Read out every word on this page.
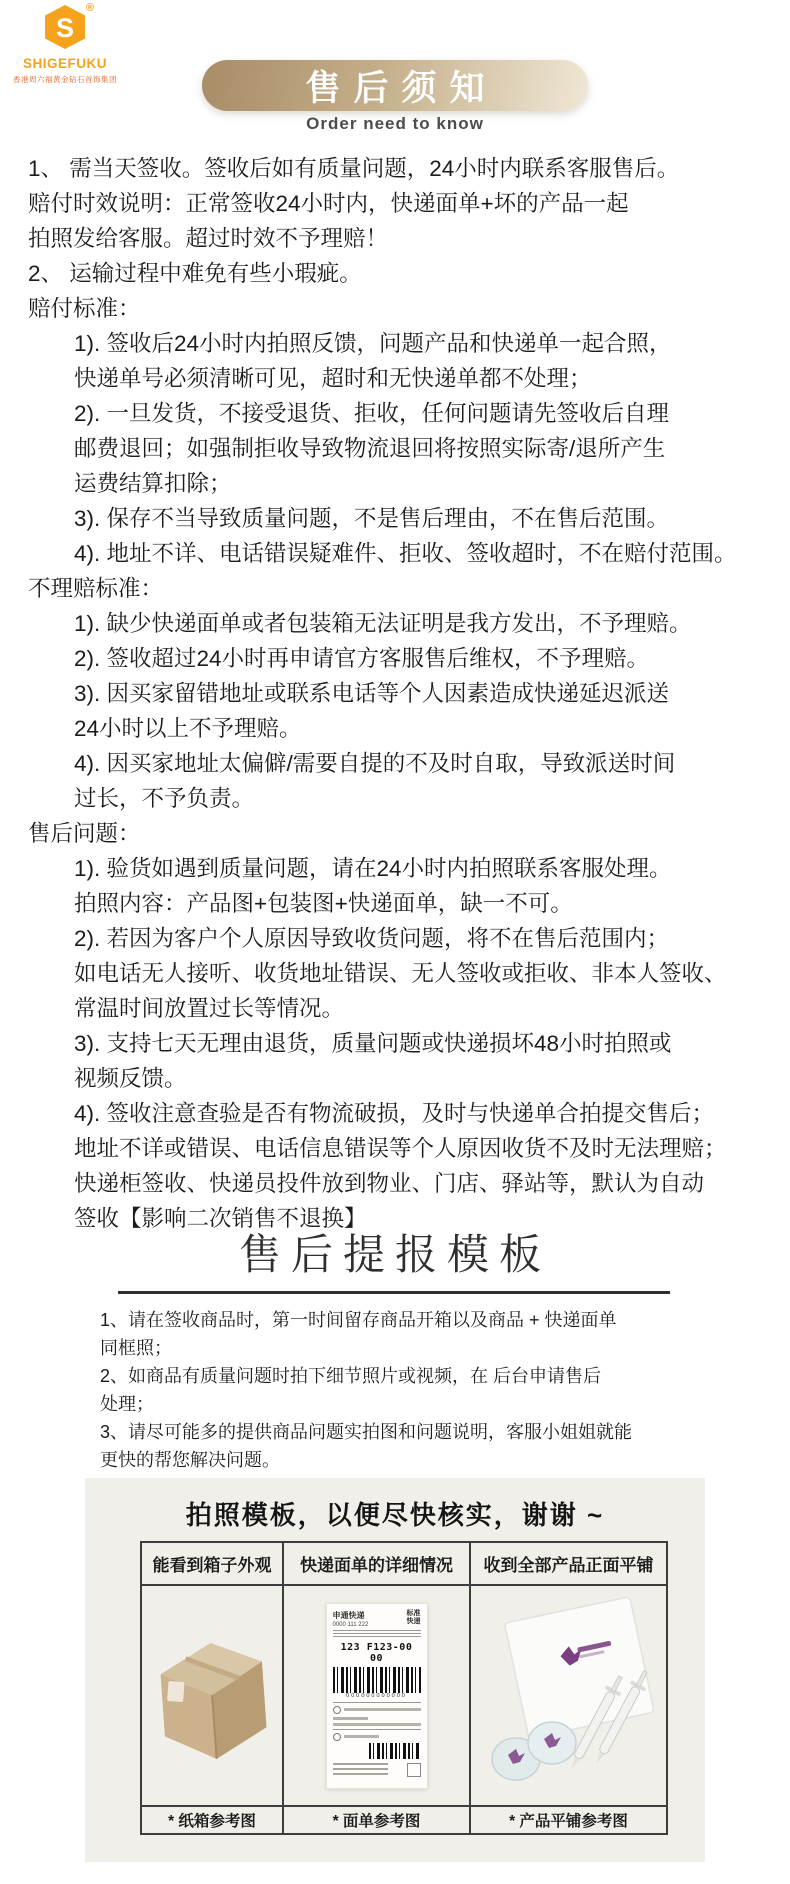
S
®
SHIGEFUKU
香港周六福黄金钻石首饰集团	售后须知
Order need to know
1、 需当天签收。签收后如有质量问题，24小时内联系客服售后。
赔付时效说明：正常签收24小时内，快递面单+坏的产品一起
拍照发给客服。超过时效不予理赔！
2、 运输过程中难免有些小瑕疵。
赔付标准：
1). 签收后24小时内拍照反馈，问题产品和快递单一起合照，
快递单号必须清晰可见，超时和无快递单都不处理；
2). 一旦发货，不接受退货、拒收，任何问题请先签收后自理
邮费退回；如强制拒收导致物流退回将按照实际寄/退所产生
运费结算扣除；
3). 保存不当导致质量问题，不是售后理由，不在售后范围。
4). 地址不详、电话错误疑难件、拒收、签收超时，不在赔付范围。
不理赔标准：
1). 缺少快递面单或者包装箱无法证明是我方发出，不予理赔。
2). 签收超过24小时再申请官方客服售后维权，不予理赔。
3). 因买家留错地址或联系电话等个人因素造成快递延迟派送
24小时以上不予理赔。
4). 因买家地址太偏僻/需要自提的不及时自取，导致派送时间
过长，不予负责。
售后问题：
1). 验货如遇到质量问题，请在24小时内拍照联系客服处理。
拍照内容：产品图+包装图+快递面单，缺一不可。
2). 若因为客户个人原因导致收货问题，将不在售后范围内；
如电话无人接听、收货地址错误、无人签收或拒收、非本人签收、
常温时间放置过长等情况。
3). 支持七天无理由退货，质量问题或快递损坏48小时拍照或
视频反馈。
4). 签收注意查验是否有物流破损，及时与快递单合拍提交售后；
地址不详或错误、电话信息错误等个人原因收货不及时无法理赔；
快递柜签收、快递员投件放到物业、门店、驿站等，默认为自动
签收【影响二次销售不退换】
售后提报模板
1、请在签收商品时，第一时间留存商品开箱以及商品 + 快递面单
同框照；
2、如商品有质量问题时拍下细节照片或视频，在 后台申请售后
处理；
3、请尽可能多的提供商品问题实拍图和问题说明，客服小姐姐就能
更快的帮您解决问题。
拍照模板，以便尽快核实，谢谢 ~
能看到箱子外观	快递面单的详细情况	收到全部产品正面平铺

申通快递
0000 111 222
标准
快递
123 F123-00 00
000000000000

* 纸箱参考图	* 面单参考图	* 产品平铺参考图
